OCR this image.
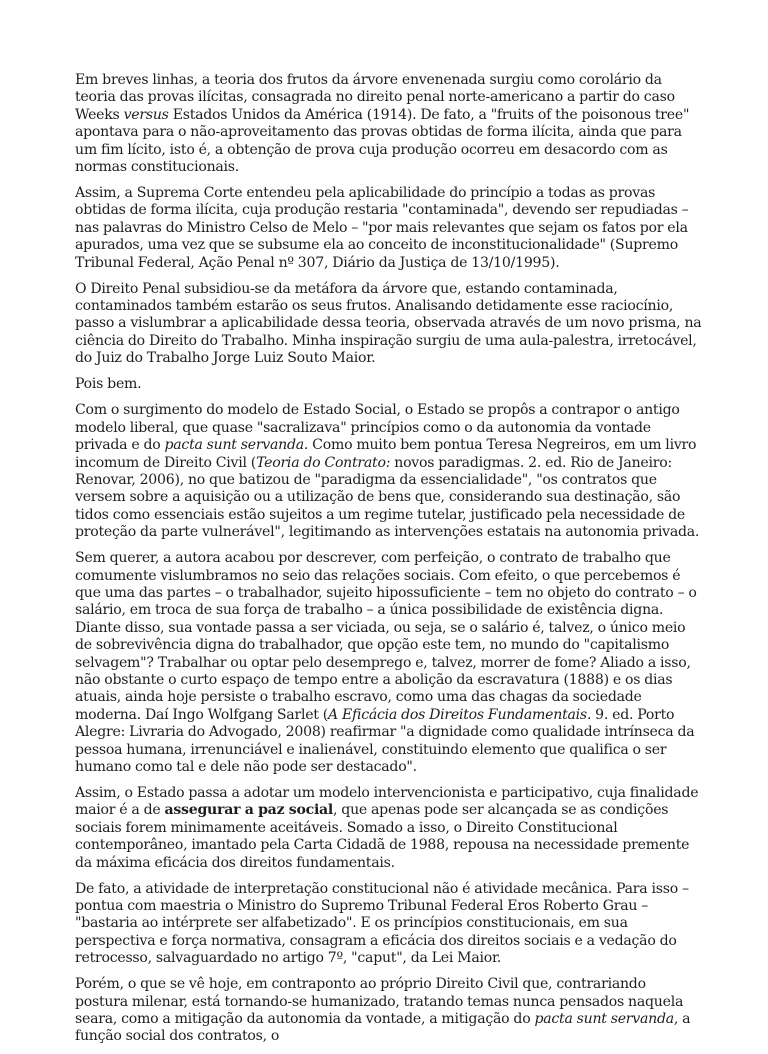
Em breves linhas, a teoria dos frutos da árvore envenenada surgiu como corolário da teoria das provas ilícitas, consagrada no direito penal norte-americano a partir do caso Weeks versus Estados Unidos da América (1914). De fato, a "fruits of the poisonous tree" apontava para o não-aproveitamento das provas obtidas de forma ilícita, ainda que para um fim lícito, isto é, a obtenção de prova cuja produção ocorreu em desacordo com as normas constitucionais.

Assim, a Suprema Corte entendeu pela aplicabilidade do princípio a todas as provas obtidas de forma ilícita, cuja produção restaria "contaminada", devendo ser repudiadas – nas palavras do Ministro Celso de Melo – "por mais relevantes que sejam os fatos por ela apurados, uma vez que se subsume ela ao conceito de inconstitucionalidade" (Supremo Tribunal Federal, Ação Penal nº 307, Diário da Justiça de 13/10/1995).

O Direito Penal subsidiou-se da metáfora da árvore que, estando contaminada, contaminados também estarão os seus frutos. Analisando detidamente esse raciocínio, passo a vislumbrar a aplicabilidade dessa teoria, observada através de um novo prisma, na ciência do Direito do Trabalho. Minha inspiração surgiu de uma aula-palestra, irretocável, do Juiz do Trabalho Jorge Luiz Souto Maior.

Pois bem.

Com o surgimento do modelo de Estado Social, o Estado se propôs a contrapor o antigo modelo liberal, que quase "sacralizava" princípios como o da autonomia da vontade privada e do pacta sunt servanda. Como muito bem pontua Teresa Negreiros, em um livro incomum de Direito Civil (Teoria do Contrato: novos paradigmas. 2. ed. Rio de Janeiro: Renovar, 2006), no que batizou de "paradigma da essencialidade", "os contratos que versem sobre a aquisição ou a utilização de bens que, considerando sua destinação, são tidos como essenciais estão sujeitos a um regime tutelar, justificado pela necessidade de proteção da parte vulnerável", legitimando as intervenções estatais na autonomia privada.

Sem querer, a autora acabou por descrever, com perfeição, o contrato de trabalho que comumente vislumbramos no seio das relações sociais. Com efeito, o que percebemos é que uma das partes – o trabalhador, sujeito hipossuficiente – tem no objeto do contrato – o salário, em troca de sua força de trabalho – a única possibilidade de existência digna. Diante disso, sua vontade passa a ser viciada, ou seja, se o salário é, talvez, o único meio de sobrevivência digna do trabalhador, que opção este tem, no mundo do "capitalismo selvagem"? Trabalhar ou optar pelo desemprego e, talvez, morrer de fome? Aliado a isso, não obstante o curto espaço de tempo entre a abolição da escravatura (1888) e os dias atuais, ainda hoje persiste o trabalho escravo, como uma das chagas da sociedade moderna. Daí Ingo Wolfgang Sarlet (A Eficácia dos Direitos Fundamentais. 9. ed. Porto Alegre: Livraria do Advogado, 2008) reafirmar "a dignidade como qualidade intrínseca da pessoa humana, irrenunciável e inalienável, constituindo elemento que qualifica o ser humano como tal e dele não pode ser destacado".

Assim, o Estado passa a adotar um modelo intervencionista e participativo, cuja finalidade maior é a de assegurar a paz social, que apenas pode ser alcançada se as condições sociais forem minimamente aceitáveis. Somado a isso, o Direito Constitucional contemporâneo, imantado pela Carta Cidadã de 1988, repousa na necessidade premente da máxima eficácia dos direitos fundamentais.

De fato, a atividade de interpretação constitucional não é atividade mecânica. Para isso – pontua com maestria o Ministro do Supremo Tribunal Federal Eros Roberto Grau – "bastaria ao intérprete ser alfabetizado". E os princípios constitucionais, em sua perspectiva e força normativa, consagram a eficácia dos direitos sociais e a vedação do retrocesso, salvaguardado no artigo 7º, "caput", da Lei Maior.

Porém, o que se vê hoje, em contraponto ao próprio Direito Civil que, contrariando postura milenar, está tornando-se humanizado, tratando temas nunca pensados naquela seara, como a mitigação da autonomia da vontade, a mitigação do pacta sunt servanda, a função social dos contratos, o
